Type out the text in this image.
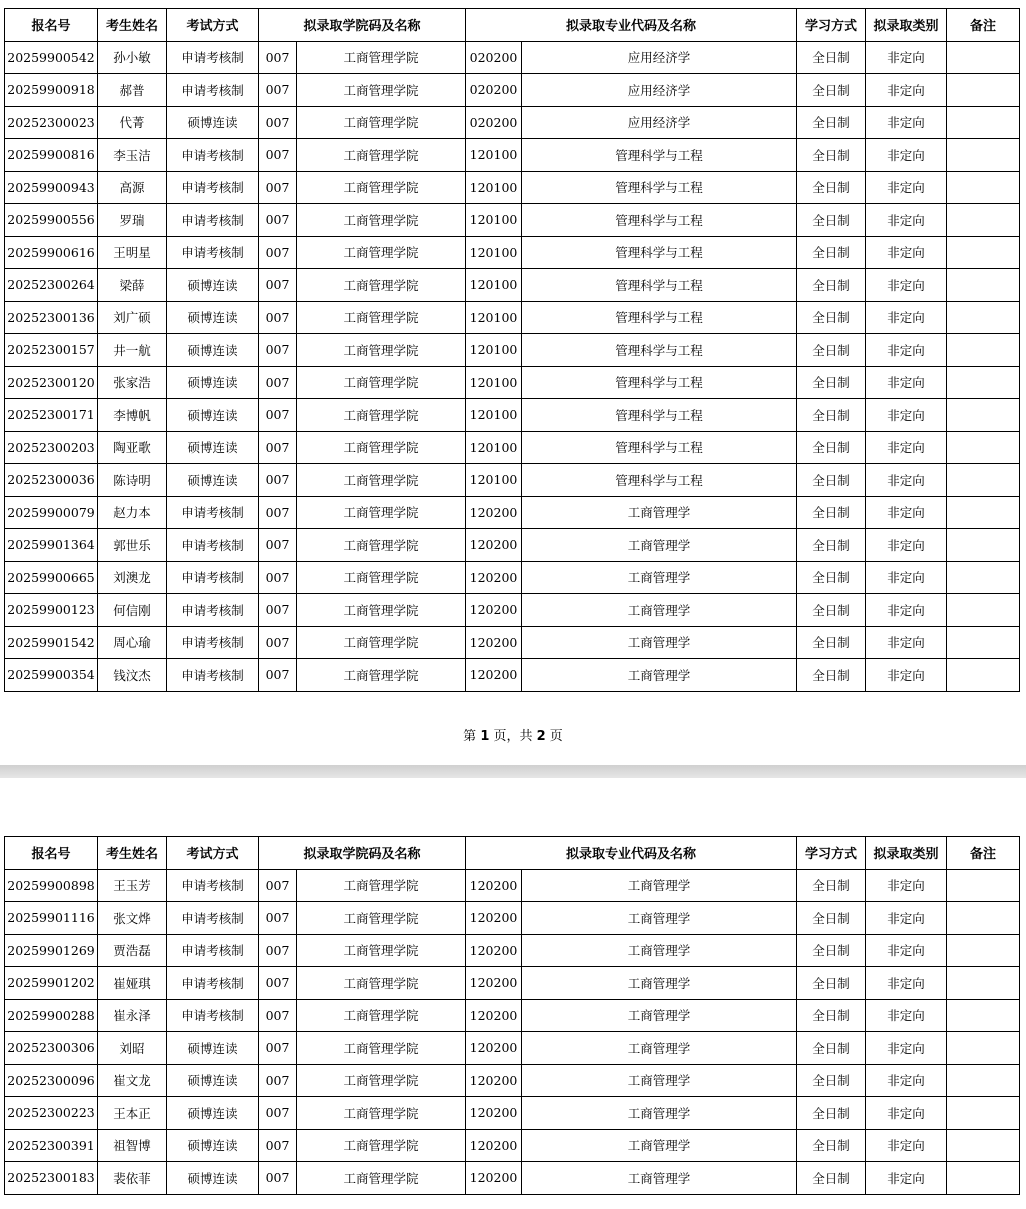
报名号	考生姓名	考试方式	拟录取学院码及名称		拟录取专业代码及名称		学习方式	拟录取类别	备注
20259900542	孙小敏	申请考核制	007	工商管理学院	020200	应用经济学	全日制	非定向	
20259900918	郝普	申请考核制	007	工商管理学院	020200	应用经济学	全日制	非定向	
20252300023	代菁	硕博连读	007	工商管理学院	020200	应用经济学	全日制	非定向	
20259900816	李玉洁	申请考核制	007	工商管理学院	120100	管理科学与工程	全日制	非定向	
20259900943	高源	申请考核制	007	工商管理学院	120100	管理科学与工程	全日制	非定向	
20259900556	罗瑞	申请考核制	007	工商管理学院	120100	管理科学与工程	全日制	非定向	
20259900616	王明星	申请考核制	007	工商管理学院	120100	管理科学与工程	全日制	非定向	
20252300264	梁薛	硕博连读	007	工商管理学院	120100	管理科学与工程	全日制	非定向	
20252300136	刘广硕	硕博连读	007	工商管理学院	120100	管理科学与工程	全日制	非定向	
20252300157	井一航	硕博连读	007	工商管理学院	120100	管理科学与工程	全日制	非定向	
20252300120	张家浩	硕博连读	007	工商管理学院	120100	管理科学与工程	全日制	非定向	
20252300171	李博帆	硕博连读	007	工商管理学院	120100	管理科学与工程	全日制	非定向	
20252300203	陶亚歌	硕博连读	007	工商管理学院	120100	管理科学与工程	全日制	非定向	
20252300036	陈诗明	硕博连读	007	工商管理学院	120100	管理科学与工程	全日制	非定向	
20259900079	赵力本	申请考核制	007	工商管理学院	120200	工商管理学	全日制	非定向	
20259901364	郭世乐	申请考核制	007	工商管理学院	120200	工商管理学	全日制	非定向	
20259900665	刘澳龙	申请考核制	007	工商管理学院	120200	工商管理学	全日制	非定向	
20259900123	何信刚	申请考核制	007	工商管理学院	120200	工商管理学	全日制	非定向	
20259901542	周心瑜	申请考核制	007	工商管理学院	120200	工商管理学	全日制	非定向	
20259900354	钱汶杰	申请考核制	007	工商管理学院	120200	工商管理学	全日制	非定向	
第 1 页，共 2 页
报名号	考生姓名	考试方式	拟录取学院码及名称		拟录取专业代码及名称		学习方式	拟录取类别	备注
20259900898	王玉芳	申请考核制	007	工商管理学院	120200	工商管理学	全日制	非定向	
20259901116	张文烨	申请考核制	007	工商管理学院	120200	工商管理学	全日制	非定向	
20259901269	贾浩磊	申请考核制	007	工商管理学院	120200	工商管理学	全日制	非定向	
20259901202	崔娅琪	申请考核制	007	工商管理学院	120200	工商管理学	全日制	非定向	
20259900288	崔永泽	申请考核制	007	工商管理学院	120200	工商管理学	全日制	非定向	
20252300306	刘昭	硕博连读	007	工商管理学院	120200	工商管理学	全日制	非定向	
20252300096	崔文龙	硕博连读	007	工商管理学院	120200	工商管理学	全日制	非定向	
20252300223	王本正	硕博连读	007	工商管理学院	120200	工商管理学	全日制	非定向	
20252300391	祖智博	硕博连读	007	工商管理学院	120200	工商管理学	全日制	非定向	
20252300183	裴依菲	硕博连读	007	工商管理学院	120200	工商管理学	全日制	非定向	
